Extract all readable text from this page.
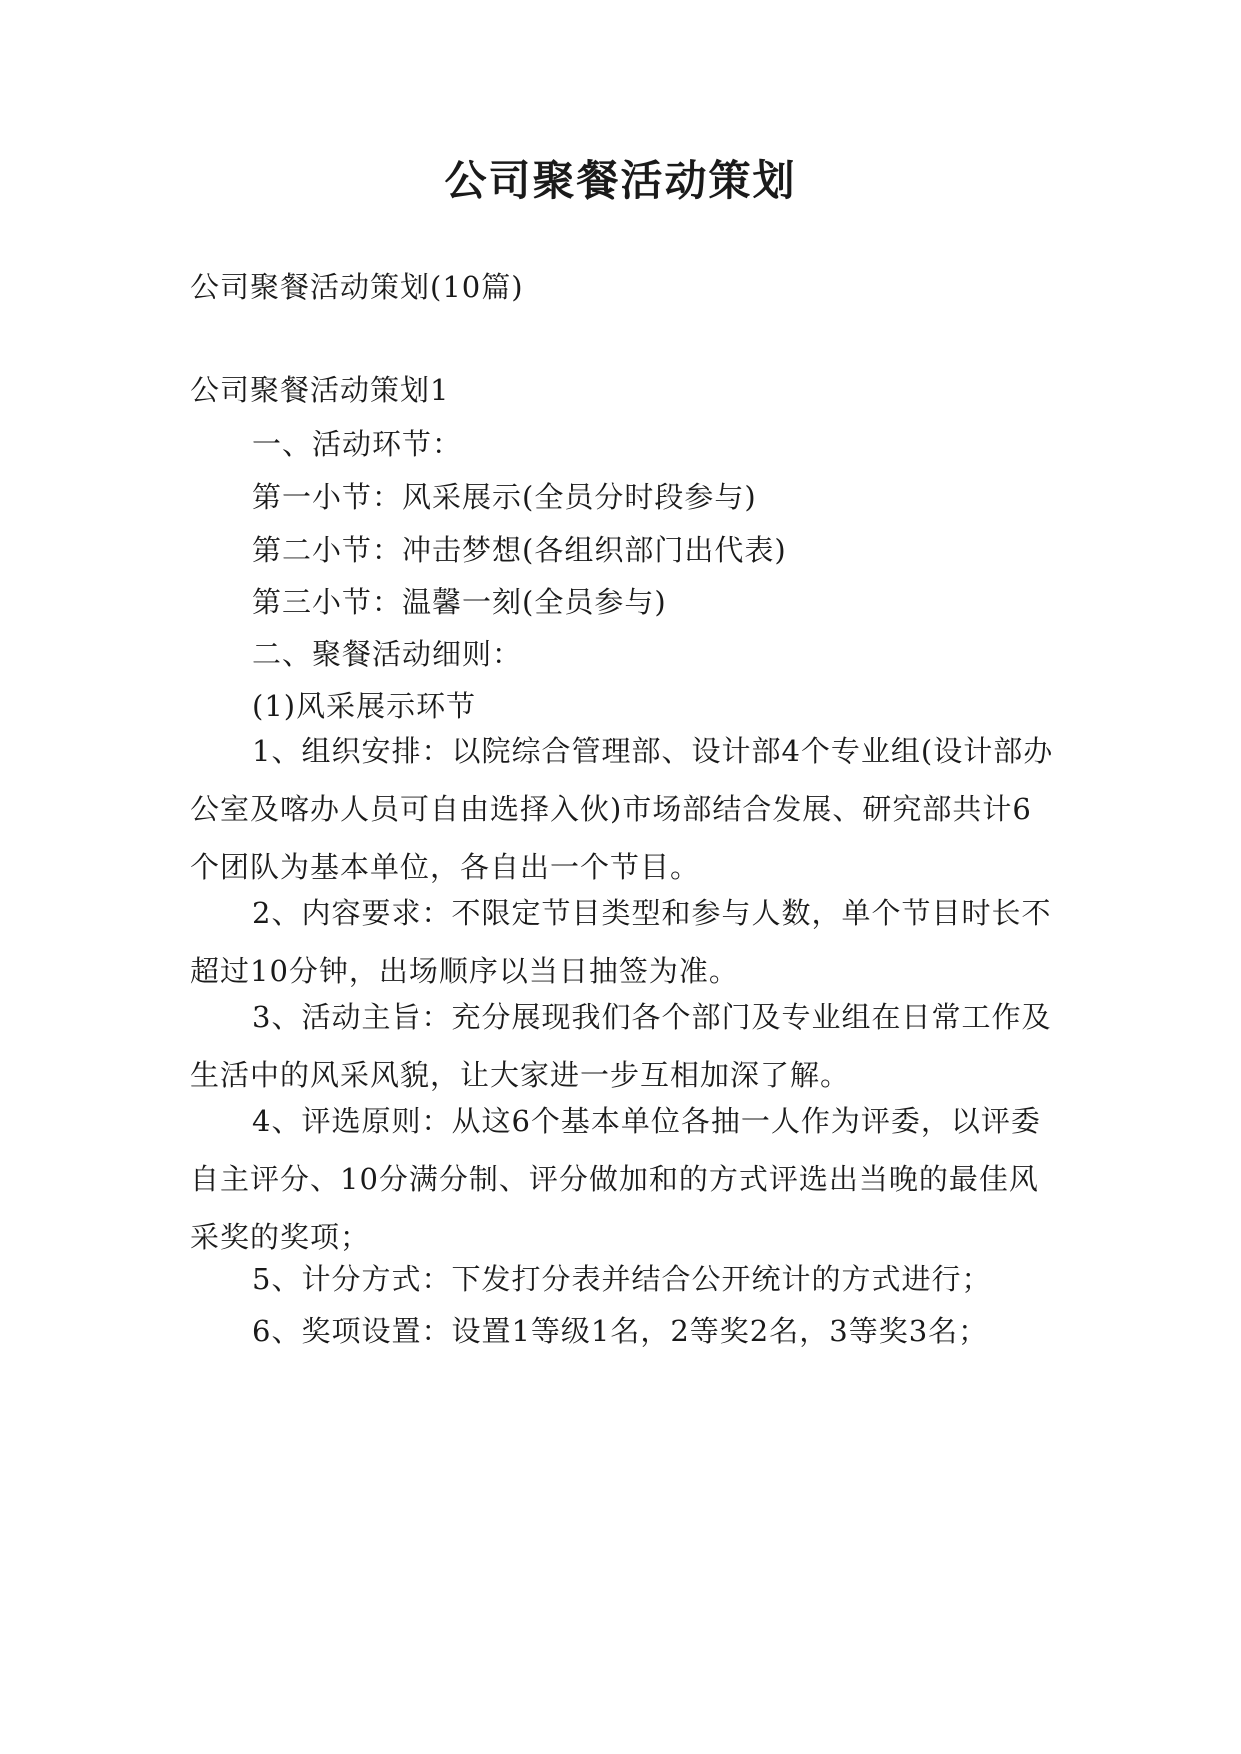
公司聚餐活动策划

公司聚餐活动策划(10篇)

公司聚餐活动策划1

一、活动环节：

第一小节：风采展示(全员分时段参与)

第二小节：冲击梦想(各组织部门出代表)

第三小节：温馨一刻(全员参与)

二、聚餐活动细则：

(1)风采展示环节

1、组织安排：以院综合管理部、设计部4个专业组(设计部办公室及喀办人员可自由选择入伙)市场部结合发展、研究部共计6个团队为基本单位，各自出一个节目。

2、内容要求：不限定节目类型和参与人数，单个节目时长不超过10分钟，出场顺序以当日抽签为准。

3、活动主旨：充分展现我们各个部门及专业组在日常工作及生活中的风采风貌，让大家进一步互相加深了解。

4、评选原则：从这6个基本单位各抽一人作为评委，以评委自主评分、10分满分制、评分做加和的方式评选出当晚的最佳风采奖的奖项；

5、计分方式：下发打分表并结合公开统计的方式进行；

6、奖项设置：设置1等级1名，2等奖2名，3等奖3名；
